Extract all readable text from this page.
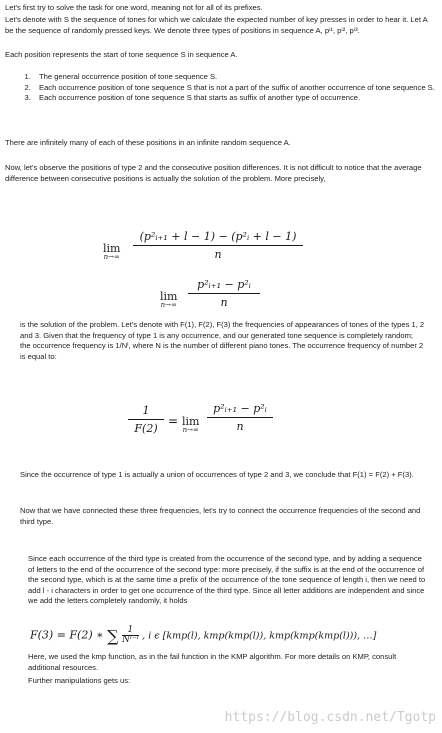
Let's first try to solve the task for one word, meaning not for all of its prefixes.

Let's denote with S the sequence of tones for which we calculate the expected number of key presses in order to hear it. Let A be the sequence of randomly pressed keys. We denote three types of positions in sequence A, pⁱ¹, pⁱ², pⁱ³.

Each position represents the start of tone sequence S in sequence A.

1. The general occurrence position of tone sequence S.
2. Each occurrence position of tone sequence S that is not a part of the suffix of another occurrence of tone sequence S.
3. Each occurrence position of tone sequence S that starts as suffix of another type of occurrence.

There are infinitely many of each of these positions in an infinite random sequence A.

Now, let's observe the positions of type 2 and the consecutive position differences. It is not difficult to notice that the average difference between consecutive positions is actually the solution of the problem. More precisely,

lim
n→∞
(p²ᵢ₊₁ + l − 1) − (p²ᵢ + l − 1)
n
lim
n→∞
p²ᵢ₊₁ − p²ᵢ
n

is the solution of the problem. Let's denote with F(1), F(2), F(3) the frequencies of appearances of tones of the types 1, 2 and 3. Given that the frequency of type 1 is any occurrence, and our generated tone sequence is completely random; the occurrence frequency is 1/Nˡ, where N is the number of different piano tones. The occurrence frequency of number 2 is equal to:

1
F(2)
= lim
n→∞
p²ᵢ₊₁ − p²ᵢ
n

Since the occurrence of type 1 is actually a union of occurrences of type 2 and 3, we conclude that F(1) = F(2) + F(3).

Now that we have connected these three frequencies, let's try to connect the occurrence frequencies of the second and third type.

Since each occurrence of the third type is created from the occurrence of the second type, and by adding a sequence of letters to the end of the occurrence of the second type: more precisely, if the suffix is at the end of the occurrence of the second type, which is at the same time a prefix of the occurrence of the tone sequence of length i, then we need to add l - i characters in order to get one occurrence of the third type. Since all letter additions are independent and since we add the letters completely randomly, it holds

F(3) = F(2) ∗ ∑ $\frac{1}{\text{Nˡ⁻ⁱ}}$ , i ϵ [kmp(l), kmp(kmp(l)), kmp(kmp(kmp(l))), …]

Here, we used the kmp function, as in the fail function in the KMP algorithm. For more details on KMP, consult additional resources.

Further manipulations gets us:

https://blog.csdn.net/Tgotp
